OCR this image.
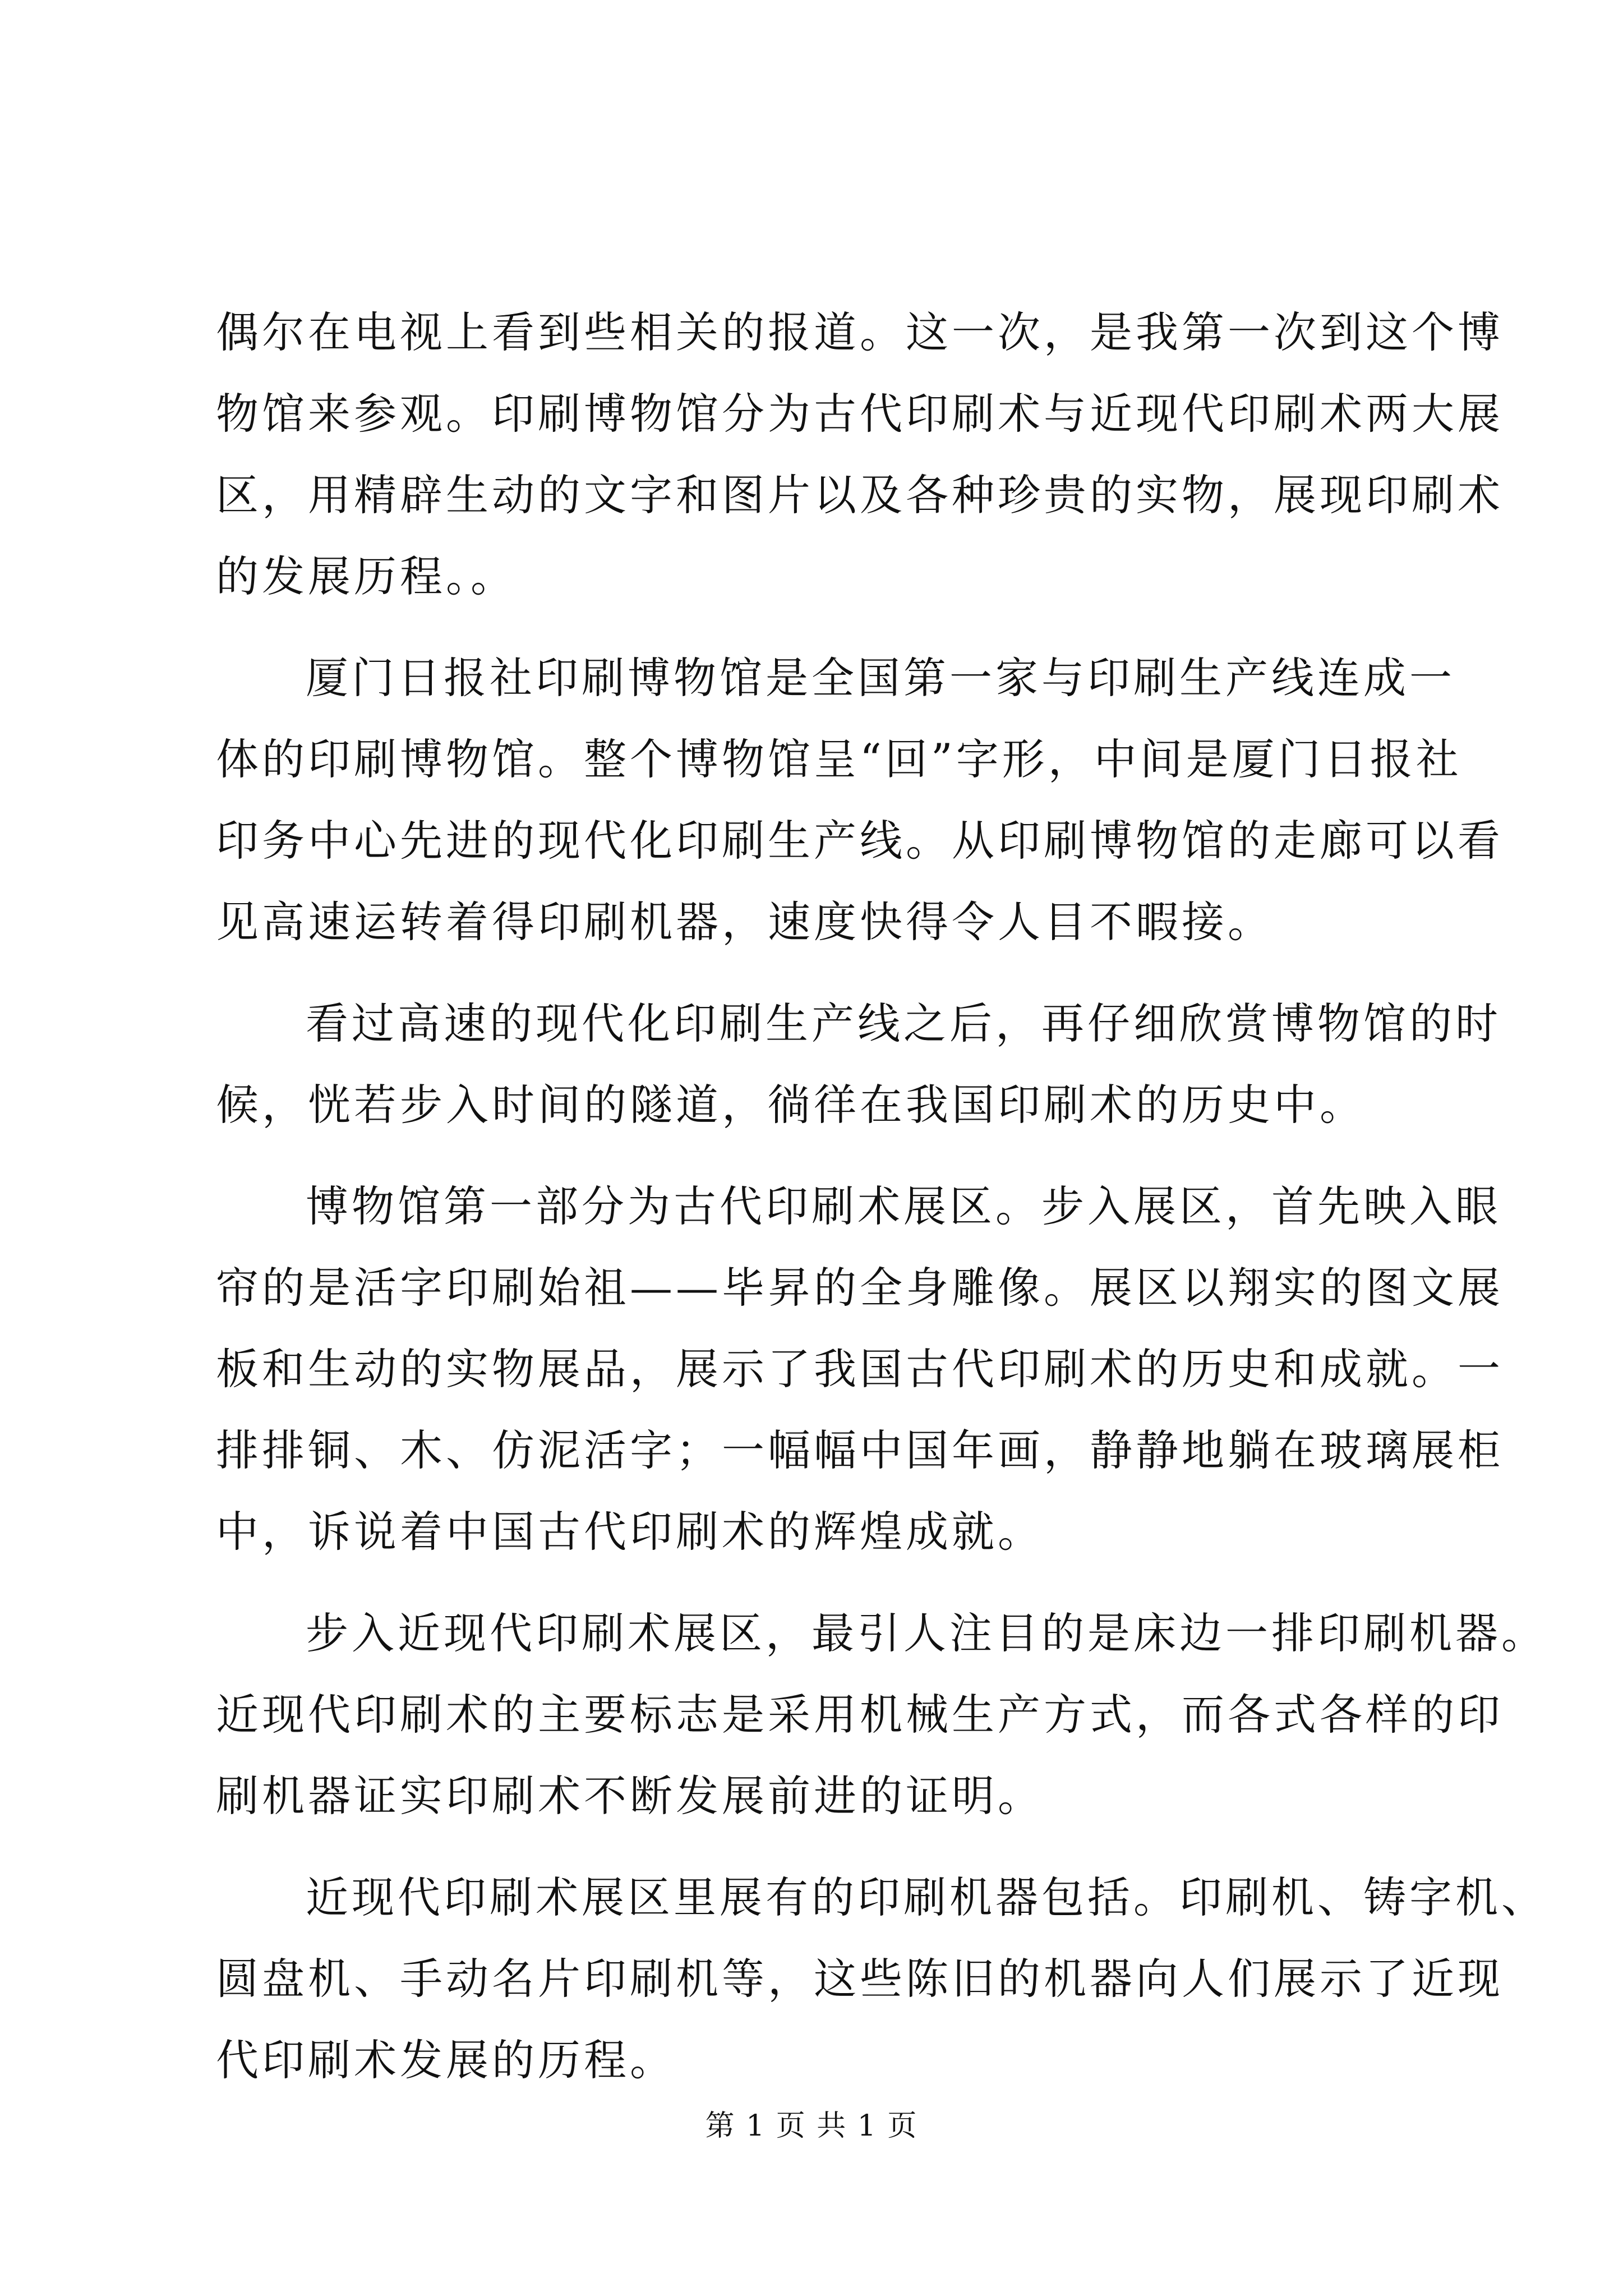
偶尔在电视上看到些相关的报道。这一次，是我第一次到这个博
物馆来参观。印刷博物馆分为古代印刷术与近现代印刷术两大展
区，用精辟生动的文字和图片以及各种珍贵的实物，展现印刷术
的发展历程。。

厦门日报社印刷博物馆是全国第一家与印刷生产线连成一
体的印刷博物馆。整个博物馆呈“回”字形，中间是厦门日报社
印务中心先进的现代化印刷生产线。从印刷博物馆的走廊可以看
见高速运转着得印刷机器，速度快得令人目不暇接。

看过高速的现代化印刷生产线之后，再仔细欣赏博物馆的时
候，恍若步入时间的隧道，徜徉在我国印刷术的历史中。

博物馆第一部分为古代印刷术展区。步入展区，首先映入眼
帘的是活字印刷始祖——毕昇的全身雕像。展区以翔实的图文展
板和生动的实物展品，展示了我国古代印刷术的历史和成就。一
排排铜、木、仿泥活字；一幅幅中国年画，静静地躺在玻璃展柜
中，诉说着中国古代印刷术的辉煌成就。

步入近现代印刷术展区，最引人注目的是床边一排印刷机器。
近现代印刷术的主要标志是采用机械生产方式，而各式各样的印
刷机器证实印刷术不断发展前进的证明。

近现代印刷术展区里展有的印刷机器包括。印刷机、铸字机、
圆盘机、手动名片印刷机等，这些陈旧的机器向人们展示了近现
代印刷术发展的历程。

第 1 页 共 1 页
